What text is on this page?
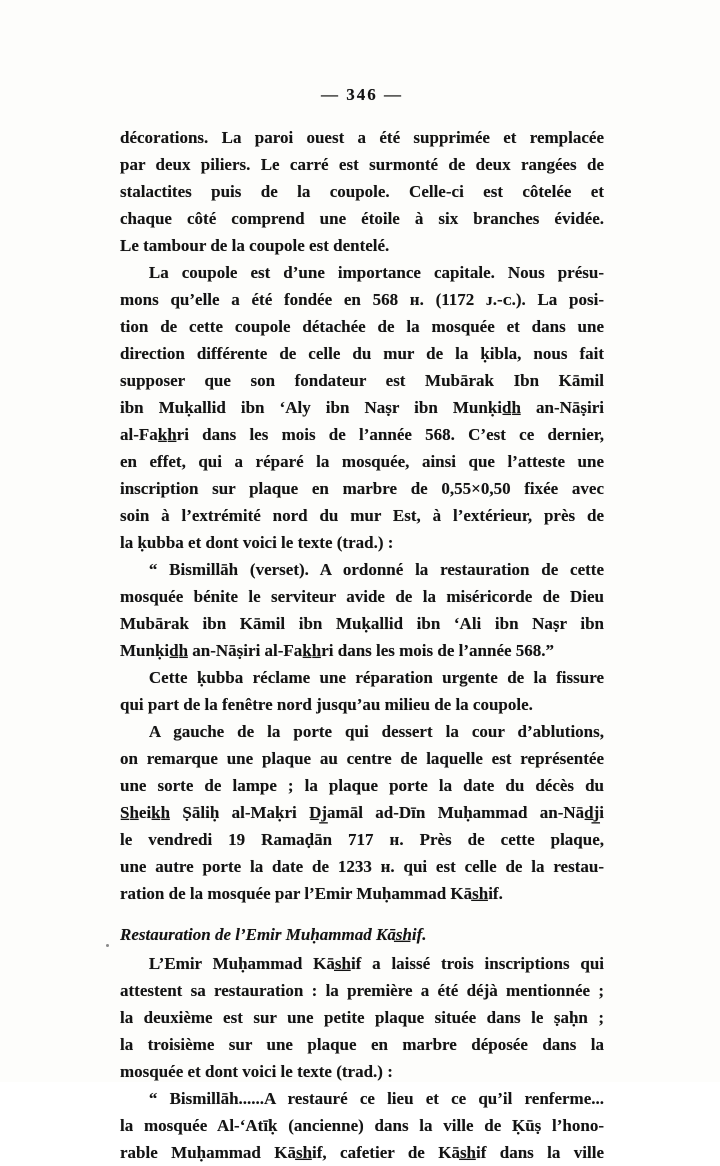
— 346 —

décorations. La paroi ouest a été supprimée et remplacée
par deux piliers. Le carré est surmonté de deux rangées de
stalactites puis de la coupole. Celle-ci est côtelée et
chaque côté comprend une étoile à six branches évidée.
Le tambour de la coupole est dentelé.

La coupole est d’une importance capitale. Nous présu-
mons qu’elle a été fondée en 568 ʜ. (1172 ᴊ.-ᴄ.). La posi-
tion de cette coupole détachée de la mosquée et dans une
direction différente de celle du mur de la ḳibla, nous fait
supposer que son fondateur est Mubārak Ibn Kāmil
ibn Muḳallid ibn ‘Aly ibn Naṣr ibn Munḳid̲h̲ an-Nāṣiri
al-Fak̲h̲ri dans les mois de l’année 568. C’est ce dernier,
en effet, qui a réparé la mosquée, ainsi que l’atteste une
inscription sur plaque en marbre de 0,55×0,50 fixée avec
soin à l’extrémité nord du mur Est, à l’extérieur, près de
la ḳubba et dont voici le texte (trad.) :

“ Bismillāh (verset). A ordonné la restauration de cette
mosquée bénite le serviteur avide de la miséricorde de Dieu
Mubārak ibn Kāmil ibn Muḳallid ibn ‘Ali ibn Naṣr ibn
Munḳid̲h̲ an-Nāṣiri al-Fak̲h̲ri dans les mois de l’année 568.”

Cette ḳubba réclame une réparation urgente de la fissure
qui part de la fenêtre nord jusqu’au milieu de la coupole.

A gauche de la porte qui dessert la cour d’ablutions,
on remarque une plaque au centre de laquelle est représentée
une sorte de lampe ; la plaque porte la date du décès du
S̲h̲eik̲h̲ Ṣāliḥ al-Maḳri D̲j̲amāl ad-Dīn Muḥammad an-Nād̲j̲i
le vendredi 19 Ramaḍān 717 ʜ. Près de cette plaque,
une autre porte la date de 1233 ʜ. qui est celle de la restau-
ration de la mosquée par l’Emir Muḥammad Kās̲h̲if.

Restauration de l’Emir Muḥammad Kās̲h̲if.

L’Emir Muḥammad Kās̲h̲if a laissé trois inscriptions qui
attestent sa restauration : la première a été déjà mentionnée ;
la deuxième est sur une petite plaque située dans le ṣaḥn ;
la troisième sur une plaque en marbre déposée dans la
mosquée et dont voici le texte (trad.) :

“ Bismillāh......A restauré ce lieu et ce qu’il renferme...
la mosquée Al-‘Atīḳ (ancienne) dans la ville de Ḳūṣ l’hono-
rable Muḥammad Kās̲h̲if, cafetier de Kās̲h̲if dans la ville
